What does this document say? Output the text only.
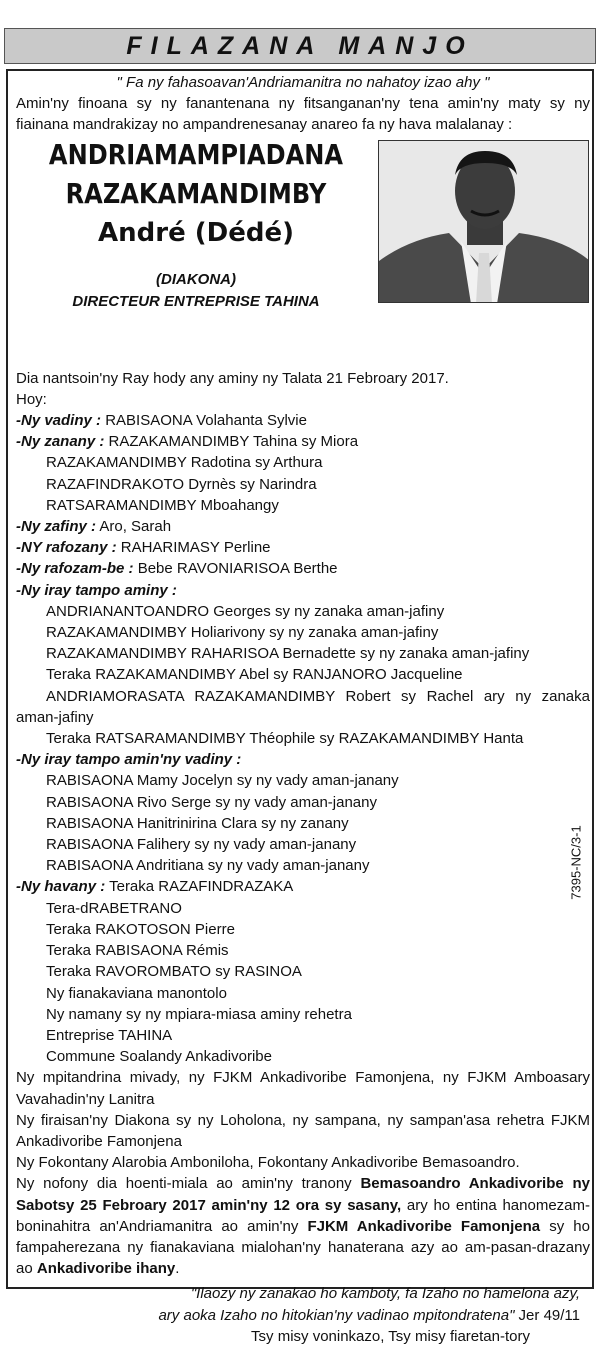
FILAZANA MANJO

" Fa ny fahasoavan'Andriamanitra no nahatoy izao ahy "

Amin'ny finoana sy ny fanantenana ny fitsanganan'ny tena amin'ny maty sy ny fiainana mandrakizay no ampandrenesanay anareo fa ny hava malalanay :

ANDRIAMAMPIADANA
RAZAKAMANDIMBY
André (Dédé)
(DIAKONA)
DIRECTEUR ENTREPRISE TAHINA

Dia nantsoin'ny Ray hody any aminy ny Talata 21 Febroary 2017.

Hoy:

-Ny vadiny : RABISAONA Volahanta Sylvie

-Ny zanany : RAZAKAMANDIMBY Tahina sy Miora

RAZAKAMANDIMBY Radotina sy Arthura

RAZAFINDRAKOTO Dyrnès sy Narindra

RATSARAMANDIMBY Mboahangy

-Ny zafiny : Aro, Sarah

-NY rafozany : RAHARIMASY Perline

-Ny rafozam-be : Bebe RAVONIARISOA Berthe

-Ny iray tampo aminy :

ANDRIANANTOANDRO Georges sy ny zanaka aman-jafiny

RAZAKAMANDIMBY Holiarivony sy ny zanaka aman-jafiny

RAZAKAMANDIMBY RAHARISOA Bernadette sy ny zanaka aman-jafiny

Teraka RAZAKAMANDIMBY Abel sy RANJANORO Jacqueline

ANDRIAMORASATA RAZAKAMANDIMBY Robert sy Rachel ary ny zanaka aman-jafiny

Teraka RATSARAMANDIMBY Théophile sy RAZAKAMANDIMBY Hanta

-Ny iray tampo amin'ny vadiny :

RABISAONA Mamy Jocelyn sy ny vady aman-janany

RABISAONA Rivo Serge sy ny vady aman-janany

RABISAONA Hanitrinirina Clara sy ny zanany

RABISAONA Falihery sy ny vady aman-janany

RABISAONA Andritiana sy ny vady aman-janany

-Ny havany : Teraka RAZAFINDRAZAKA

Tera-dRABETRANO

Teraka RAKOTOSON Pierre

Teraka RABISAONA Rémis

Teraka RAVOROMBATO sy RASINOA

Ny fianakaviana manontolo

Ny namany sy ny mpiara-miasa aminy rehetra

Entreprise TAHINA

Commune Soalandy Ankadivoribe

Ny mpitandrina mivady, ny FJKM Ankadivoribe Famonjena, ny FJKM Amboasary Vavahadin'ny Lanitra

Ny firaisan'ny Diakona sy ny Loholona, ny sampana, ny sampan'asa rehetra FJKM Ankadivoribe Famonjena

Ny Fokontany Alarobia Amboniloha, Fokontany Ankadivoribe Bemasoandro.

Ny nofony dia hoenti-miala ao amin'ny tranony Bemasoandro Ankadivoribe ny Sabotsy 25 Febroary 2017 amin'ny 12 ora sy sasany, ary ho entina hanomezam-boninahitra an'Andriamanitra ao amin'ny FJKM Ankadivoribe Famonjena sy ho fampaherezana ny fianakaviana mialohan'ny hanaterana azy ao am-pasan-drazany ao Ankadivoribe ihany.

"Ilaozy ny zanakao ho kamboty, fa Izaho no hamelona azy,

ary aoka Izaho no hitokian'ny vadinao mpitondratena" Jer 49/11

Tsy misy voninkazo, Tsy misy fiaretan-tory

7395-NC/3-1
